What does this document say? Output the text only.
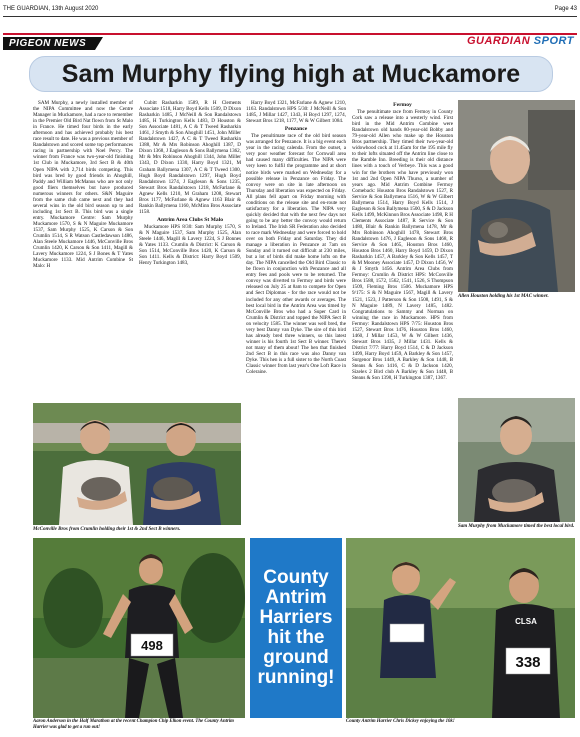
THE GUARDIAN, 13th August 2020	Page 43
PIGEON NEWS	GUARDIAN SPORT
Sam Murphy flying high at Muckamore

SAM Murphy, a newly installed member of the NIPA Committee and now the Centre Manager in Muckamore, had a race to remember in the Premier Old Bird Nat flown from St Malo in France. He timed four birds in the early afternoon and has achieved probably his best race result to date. He was a previous member of Randalstown and scored some top performances racing in partnership with Noel Percy. The winner from France was two-year-old finishing 1st Club in Muckamore, 3rd Sect B & 40th Open NIPA with 2,714 birds competing. This bird was bred by good friends in Ahoghill, Paddy and William McManus who are not only good fliers themselves but have produced numerous winners for others. S&N Maguire from the same club came next and they had several wins in the old bird season up to and including 1st Sect B. This bird was a single entry. Muckamore Centre: Sam Murphy Muckamore 1570, S & N Maguire Muckamore 1537, Sam Murphy 1525, K Carson & Son Crumlin 1514, S R Watson Castledawson 1486, Alan Steele Muckamore 1446, McConville Bros Crumlin 1420, K Carson & Son 1411, Magill & Lavery Muckamore 1224, S J Bones & T Yates Muckamore 1133. Mid Antrim Combine St Malo: H

Cubitt Rasharkin 1589, R H Clements Associate 1518, Harry Boyd Kells 1509, D Dixon Rasharkin 1485, J McNeill & Son Randalstown 1485, H Turkington Kells 1483, D Houston & Son Associate 1481, A C & T Tweed Rasharkin 1461, J Smyth & Son Ahoghill 1451, John Miller Randalstown 1427, A C & T Tweed Rasharkin 1388, Mr & Mrs Robinson Ahoghill 1387, D Dixon 1368, J Eagleson & Sons Ballymena 1362, Mr & Mrs Robinson Ahoghill 1344, John Miller 1343, D Dixon 1330, Harry Boyd 1321, M Graham Ballymena 1307, A C & T Tweed 1300, Hugh Boyd Randalstown 1297, Hugh Boyd Randalstown 1274, J Eagleson & Sons 1235, Stewart Bros Randalstown 1218, McFarlane & Agnew Kells 1210, M Graham 1208, Stewart Bros 1177, McFarlane & Agnew 1163 Blair & Rankin Ballymena 1160, McMinn Bros Associate 1158.

Antrim Area Clubs St Malo

Muckamore HPS 8/30: Sam Murphy 1570, S & N Maguire 1537, Sam Murphy 1525, Alan Steele 1446, Magill & Lavery 1224, S J Bonnes & Yates 1133. Crumlin & District: K Carson & Son 1514, McConville Bros 1420, K Carson & Son 1411. Kells & District: Harry Boyd 1509, Henry Turkington 1483,

Harry Boyd 1321, McFarlane & Agnew 1210, 1163. Randalstown HPS 5/30: J McNeill & Son 1485, J Millar 1427, 1343, H Boyd 1297, 1274, Stewart Bros 1218, 1177, W & W Gilbert 1084.

Penzance

The penultimate race of the old bird season was arranged for Penzance. It is a big event each year in the racing calenda. From the outset, a very poor weather forecast for Cornwall area had caused many difficulties. The NIPA were very keen to fulfil the programme and at short notice birds were marked on Wednesday for a possible release in Penzance on Friday. The convoy were on site in late afternoon on Thursday and liberation was expected on Friday. All plans fell apart on Friday morning with conditions on the release site and en-route not satisfactory for a liberation. The NIPA very quickly decided that with the next few days not going to be any better the convoy would return to Ireland. The Irish SR Federation also decided to race mark Wednesday and were forced to hold over on both Friday and Saturday. They did manage a liberation in Penzance at 7am on Sunday and it turned out difficult at 230 miles, but a lot of birds did make home lofts on the day. The NIPA cancelled the Old Bird Classic to be flown in conjunction with Penzance and all entry fees and pools were to be returned. The convoy was diverted to Fermoy and birds were released on July 25 at 8am to compete for Open and Sect Diplomas - for the race would not be included for any other awards or averages. The best local bird in the Antrim Area was timed by McConville Bros who had a Super Card in Crumlin & District and topped the NIPA Sect B on velocity 1585. The winner was well bred, the very best Danny van Dyke. The sire of this bird has already bred three winners, so this latest winner is his fourth 1st Sect B winner. There's not many of them about! The hen that finished 2nd Sect B in this race was also Danny van Dyke. This hen is a full sister to the North Coast Classic winner from last year's One Loft Race in Coleraine.

Fermoy

The penultimate race from Fermoy in County Cork saw a release into a westerly wind. First bird in the Mid Antrim Combine were Randalstown old hands 80-year-old Bobby and 79-year-old Allen who make up the Houston Bros partnership. They timed their two-year-old widowhood cock at 11.45am for the 195 mile fly to their lofts situated off the Antrim line close to the Ramble Inn. Breeding is their old distance lines with a touch of Verbeye. This was a good win for the brothers who have previously won 1st and 2nd Open NIPA Thurso, a number of years ago. Mid Antrim Combine Fermoy Comeback: Houston Bros Randalstown 1527, R Service & Son Ballymena 1516, W & W Gilbert Ballymena 1514, Harry Boyd Kells 1514, J Eagleson & Son Ballymena 1500, S & D Jackson Kells 1499, McKinnon Bros Associate 1498, R H Clements Associate 1487, R Service & Son 1480, Blair & Rankin Ballymena 1478, Mr & Mrs Robinson Ahoghill 1478, Stewart Bros Randalstown 1476, J Eagleson & Sons 1468, R Service & Son 1465, Houston Bros 1460, Houston Bros 1460, Harry Boyd 1459, D Dixon Rasharkin 1457, A Barkley & Son Kells 1457, T & M Mooney Associate 1457, D Dixon 1456, W & J Smyth 1456. Antrim Area Clubs from Fermoy: Crumlin & District HPS: McConville Bros 1588, 1572, 1562, 1541, 1526, S Thompson 1509, Fleming Bros 1506. Muckamore HPS 9/175: S & N Maguire 1567, Magill & Lavery 1521, 1523, J Patterson & Son 1508, 1491, S & N Maguire 1489, N Lavery 1485, 1482. Congratulations to Sammy and Norman on winning the race in Muckamore. HPS from Fermoy: Randalstown HPS 7/75: Houston Bros 1527, Stewart Bros 1476, Houston Bros 1460, 1460, J Millar 1453, W & W Gilbert 1436, Stewart Bros 1435, J Millar 1431. Kells & District 7/77: Harry Boyd 1514, C & D Jackson 1499, Harry Boyd 1459, A Barkley & Son 1457, Surgenor Bros 1449, A Barkley & Son 1448, B Steans & Son 1416, C & D Jackson 1420, Sizelex 2 Bird club A Barkley & Son 1448, B Steans & Son 1398, H Turkington 1387, 1367.

Allen Houston holding his 1st MAC winner.
McConville Bros from Crumlin holding their 1st & 2nd Sect B winners.
Sam Murphy from Muckamore timed the best local bird.
498
Aaron Anderson in the Half Marathon at the recent Champion Chip Elkon event. The County Antrim Harrier was glad to get a run out!
County
Antrim
Harriers
hit the
ground
running!
CLSA
338
County Antrim Harrier Chris Dickey enjoying the 10k!
